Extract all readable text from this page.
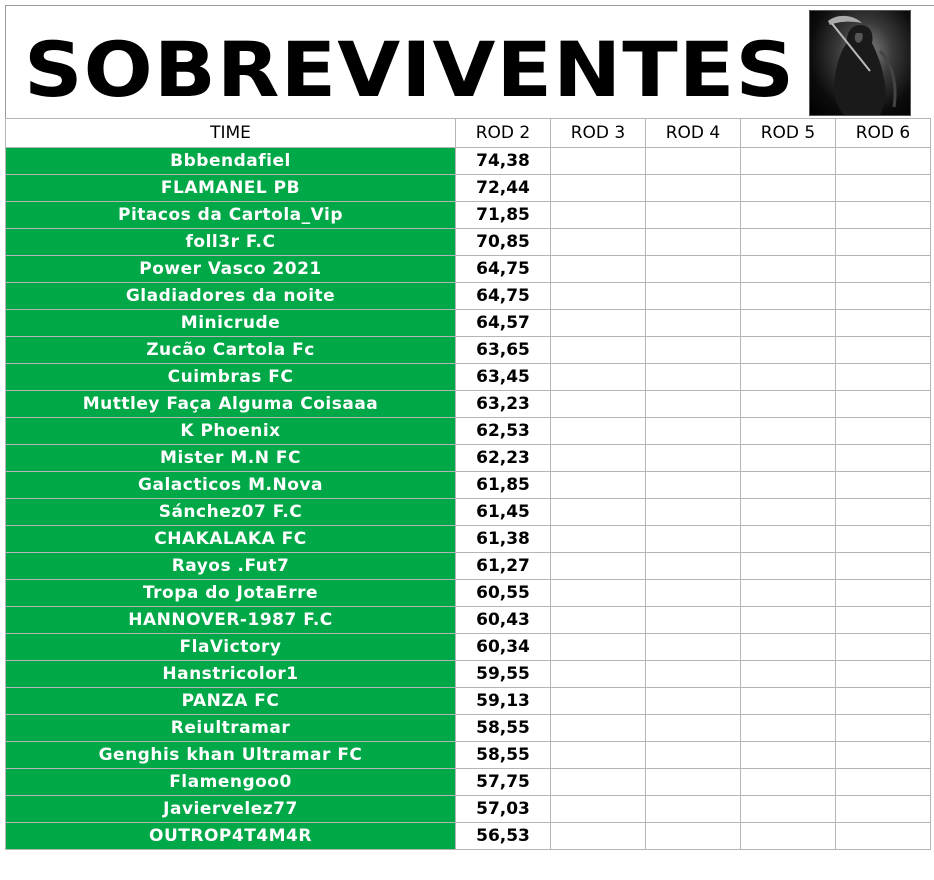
SOBREVIVENTES
TIME	ROD 2	ROD 3	ROD 4	ROD 5	ROD 6
Bbbendafiel	74,38				
FLAMANEL PB	72,44				
Pitacos da Cartola_Vip	71,85				
foll3r F.C	70,85				
Power Vasco 2021	64,75				
Gladiadores da noite	64,75				
Minicrude	64,57				
Zucão Cartola Fc	63,65				
Cuimbras FC	63,45				
Muttley Faça Alguma Coisaaa	63,23				
K Phoenix	62,53				
Mister M.N FC	62,23				
Galacticos M.Nova	61,85				
Sánchez07 F.C	61,45				
CHAKALAKA FC	61,38				
Rayos .Fut7	61,27				
Tropa do JotaErre	60,55				
HANNOVER-1987 F.C	60,43				
FlaVictory	60,34				
Hanstricolor1	59,55				
PANZA FC	59,13				
Reiultramar	58,55				
Genghis khan Ultramar FC	58,55				
Flamengoo0	57,75				
Javiervelez77	57,03				
OUTROP4T4M4R	56,53				
